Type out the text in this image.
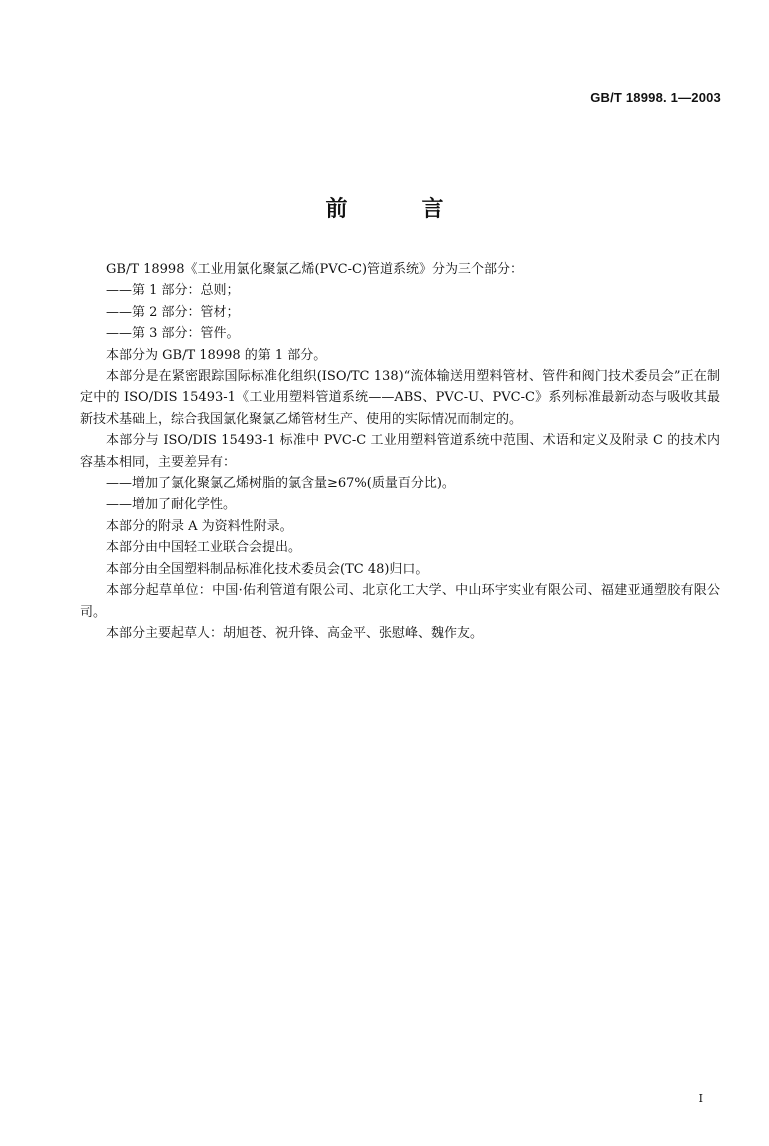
GB/T 18998. 1—2003
前　言

GB/T 18998《工业用氯化聚氯乙烯(PVC-C)管道系统》分为三个部分：

——第 1 部分：总则；

——第 2 部分：管材；

——第 3 部分：管件。

本部分为 GB/T 18998 的第 1 部分。

本部分是在紧密跟踪国际标准化组织(ISO/TC 138)“流体输送用塑料管材、管件和阀门技术委员会”正在制定中的 ISO/DIS 15493-1《工业用塑料管道系统——ABS、PVC-U、PVC-C》系列标准最新动态与吸收其最新技术基础上，综合我国氯化聚氯乙烯管材生产、使用的实际情况而制定的。

本部分与 ISO/DIS 15493-1 标准中 PVC-C 工业用塑料管道系统中范围、术语和定义及附录 C 的技术内容基本相同，主要差异有：

——增加了氯化聚氯乙烯树脂的氯含量≥67%(质量百分比)。

——增加了耐化学性。

本部分的附录 A 为资料性附录。

本部分由中国轻工业联合会提出。

本部分由全国塑料制品标准化技术委员会(TC 48)归口。

本部分起草单位：中国·佑利管道有限公司、北京化工大学、中山环宇实业有限公司、福建亚通塑胶有限公司。

本部分主要起草人：胡旭苍、祝升锋、高金平、张慰峰、魏作友。

I
